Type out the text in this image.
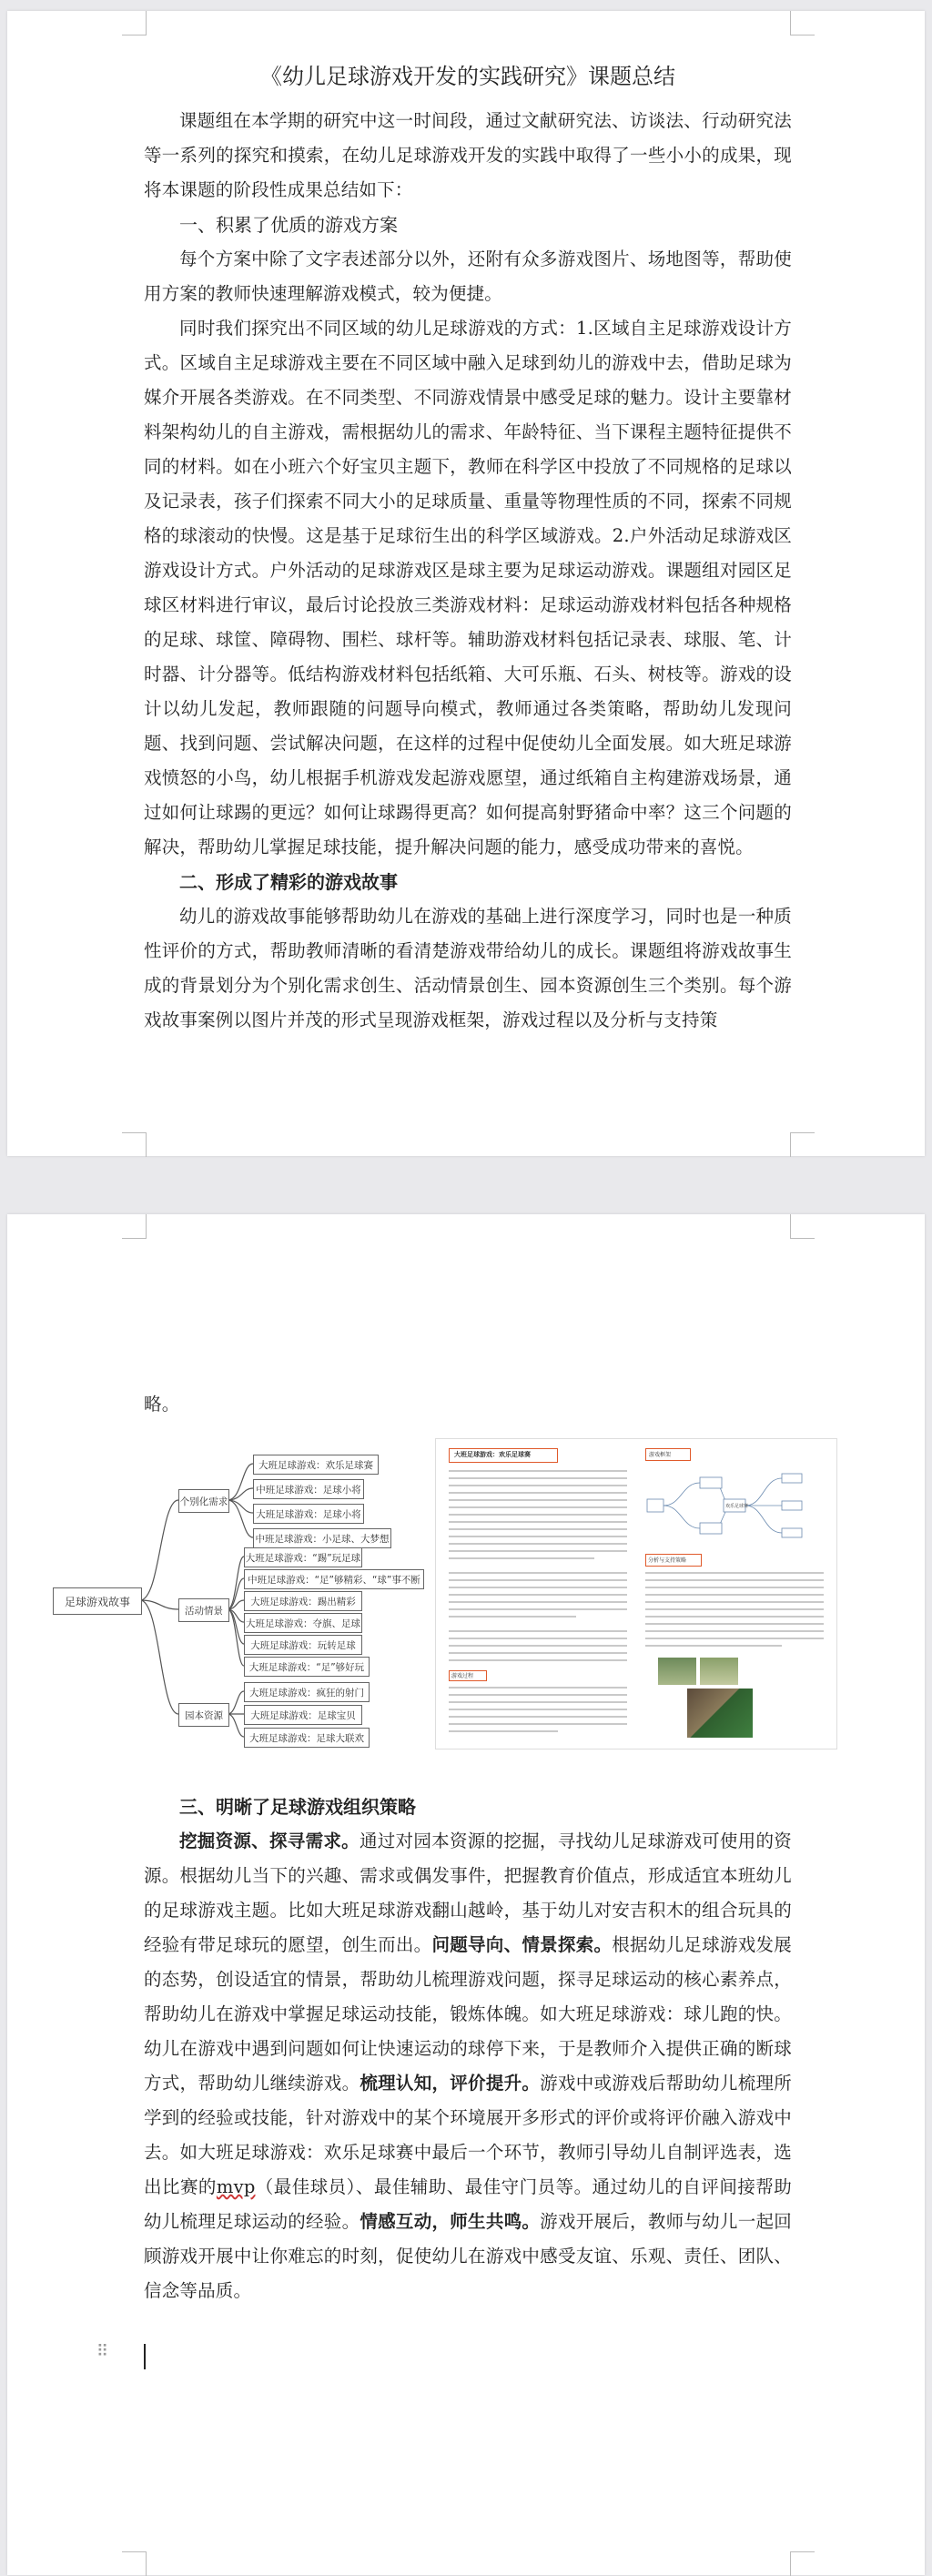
《幼儿足球游戏开发的实践研究》课题总结

课题组在本学期的研究中这一时间段，通过文献研究法、访谈法、行动研究法等一系列的探究和摸索，在幼儿足球游戏开发的实践中取得了一些小小的成果，现将本课题的阶段性成果总结如下：

一、积累了优质的游戏方案

每个方案中除了文字表述部分以外，还附有众多游戏图片、场地图等，帮助使用方案的教师快速理解游戏模式，较为便捷。

同时我们探究出不同区域的幼儿足球游戏的方式：1.区域自主足球游戏设计方式。区域自主足球游戏主要在不同区域中融入足球到幼儿的游戏中去，借助足球为媒介开展各类游戏。在不同类型、不同游戏情景中感受足球的魅力。设计主要靠材料架构幼儿的自主游戏，需根据幼儿的需求、年龄特征、当下课程主题特征提供不同的材料。如在小班六个好宝贝主题下，教师在科学区中投放了不同规格的足球以及记录表，孩子们探索不同大小的足球质量、重量等物理性质的不同，探索不同规格的球滚动的快慢。这是基于足球衍生出的科学区域游戏。2.户外活动足球游戏区游戏设计方式。户外活动的足球游戏区是球主要为足球运动游戏。课题组对园区足球区材料进行审议，最后讨论投放三类游戏材料：足球运动游戏材料包括各种规格的足球、球筐、障碍物、围栏、球杆等。辅助游戏材料包括记录表、球服、笔、计时器、计分器等。低结构游戏材料包括纸箱、大可乐瓶、石头、树枝等。游戏的设计以幼儿发起，教师跟随的问题导向模式，教师通过各类策略，帮助幼儿发现问题、找到问题、尝试解决问题，在这样的过程中促使幼儿全面发展。如大班足球游戏愤怒的小鸟，幼儿根据手机游戏发起游戏愿望，通过纸箱自主构建游戏场景，通过如何让球踢的更远？如何让球踢得更高？如何提高射野猪命中率？这三个问题的解决，帮助幼儿掌握足球技能，提升解决问题的能力，感受成功带来的喜悦。

二、形成了精彩的游戏故事

幼儿的游戏故事能够帮助幼儿在游戏的基础上进行深度学习，同时也是一种质性评价的方式，帮助教师清晰的看清楚游戏带给幼儿的成长。课题组将游戏故事生成的背景划分为个别化需求创生、活动情景创生、园本资源创生三个类别。每个游戏故事案例以图片并茂的形式呈现游戏框架，游戏过程以及分析与支持策

略。

足球游戏故事
个别化需求
大班足球游戏：欢乐足球赛
中班足球游戏：足球小将
大班足球游戏：足球小将
中班足球游戏：小足球、大梦想
活动情景
大班足球游戏：“踢”玩足球
中班足球游戏：“足”够精彩、“球”事不断
大班足球游戏：踢出精彩
大班足球游戏：夺旗、足球
大班足球游戏：玩转足球
大班足球游戏：“足”够好玩
园本资源
大班足球游戏：疯狂的射门
大班足球游戏：足球宝贝
大班足球游戏：足球大联欢
大班足球游戏：欢乐足球赛
游戏过程
游戏框架
欢乐足球赛
分析与支持策略

三、明晰了足球游戏组织策略

挖掘资源、探寻需求。通过对园本资源的挖掘，寻找幼儿足球游戏可使用的资源。根据幼儿当下的兴趣、需求或偶发事件，把握教育价值点，形成适宜本班幼儿的足球游戏主题。比如大班足球游戏翻山越岭，基于幼儿对安吉积木的组合玩具的经验有带足球玩的愿望，创生而出。问题导向、情景探索。根据幼儿足球游戏发展的态势，创设适宜的情景，帮助幼儿梳理游戏问题，探寻足球运动的核心素养点，帮助幼儿在游戏中掌握足球运动技能，锻炼体魄。如大班足球游戏：球儿跑的快。幼儿在游戏中遇到问题如何让快速运动的球停下来，于是教师介入提供正确的断球方式，帮助幼儿继续游戏。梳理认知，评价提升。游戏中或游戏后帮助幼儿梳理所学到的经验或技能，针对游戏中的某个环境展开多形式的评价或将评价融入游戏中去。如大班足球游戏：欢乐足球赛中最后一个环节，教师引导幼儿自制评选表，选出比赛的mvp（最佳球员）、最佳辅助、最佳守门员等。通过幼儿的自评间接帮助幼儿梳理足球运动的经验。情感互动，师生共鸣。游戏开展后，教师与幼儿一起回顾游戏开展中让你难忘的时刻，促使幼儿在游戏中感受友谊、乐观、责任、团队、信念等品质。

⠿
